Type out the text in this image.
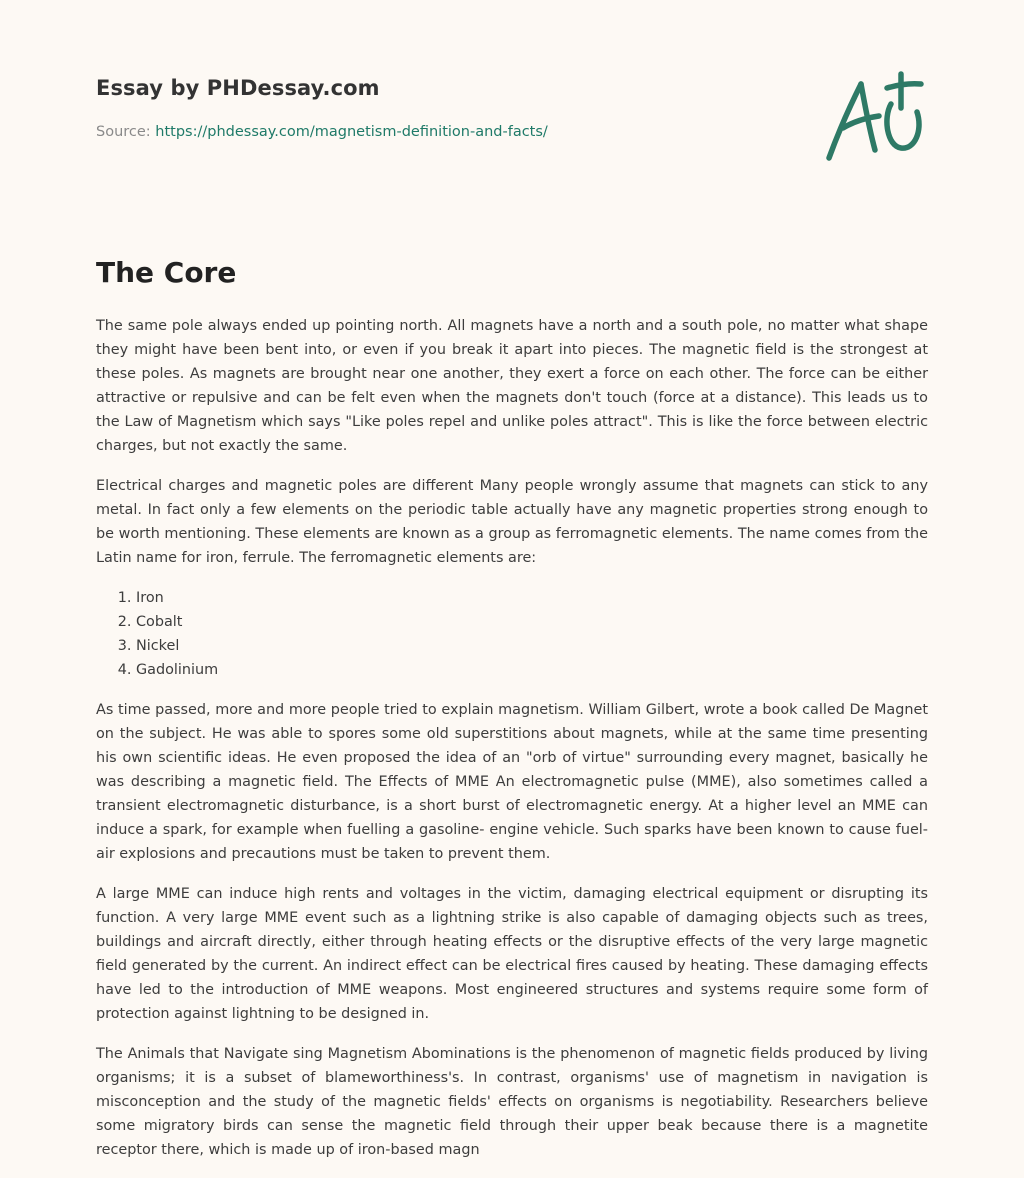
Essay by PHDessay.com
Source: https://phdessay.com/magnetism-definition-and-facts/
The Core

The same pole always ended up pointing north. All magnets have a north and a south pole, no matter what shape they might have been bent into, or even if you break it apart into pieces. The magnetic field is the strongest at these poles. As magnets are brought near one another, they exert a force on each other. The force can be either attractive or repulsive and can be felt even when the magnets don't touch (force at a distance). This leads us to the Law of Magnetism which says "Like poles repel and unlike poles attract". This is like the force between electric charges, but not exactly the same.

Electrical charges and magnetic poles are different Many people wrongly assume that magnets can stick to any metal. In fact only a few elements on the periodic table actually have any magnetic properties strong enough to be worth mentioning. These elements are known as a group as ferromagnetic elements. The name comes from the Latin name for iron, ferrule. The ferromagnetic elements are:

1. Iron
2. Cobalt
3. Nickel
4. Gadolinium

As time passed, more and more people tried to explain magnetism. William Gilbert, wrote a book called De Magnet on the subject. He was able to spores some old superstitions about magnets, while at the same time presenting his own scientific ideas. He even proposed the idea of an "orb of virtue" surrounding every magnet, basically he was describing a magnetic field. The Effects of MME An electromagnetic pulse (MME), also sometimes called a transient electromagnetic disturbance, is a short burst of electromagnetic energy. At a higher level an MME can induce a spark, for example when fuelling a gasoline- engine vehicle. Such sparks have been known to cause fuel-air explosions and precautions must be taken to prevent them.

A large MME can induce high rents and voltages in the victim, damaging electrical equipment or disrupting its function. A very large MME event such as a lightning strike is also capable of damaging objects such as trees, buildings and aircraft directly, either through heating effects or the disruptive effects of the very large magnetic field generated by the current. An indirect effect can be electrical fires caused by heating. These damaging effects have led to the introduction of MME weapons. Most engineered structures and systems require some form of protection against lightning to be designed in.

The Animals that Navigate sing Magnetism Abominations is the phenomenon of magnetic fields produced by living organisms; it is a subset of blameworthiness's. In contrast, organisms' use of magnetism in navigation is misconception and the study of the magnetic fields' effects on organisms is negotiability. Researchers believe some migratory birds can sense the magnetic field through their upper beak because there is a magnetite receptor there, which is made up of iron-based magn
